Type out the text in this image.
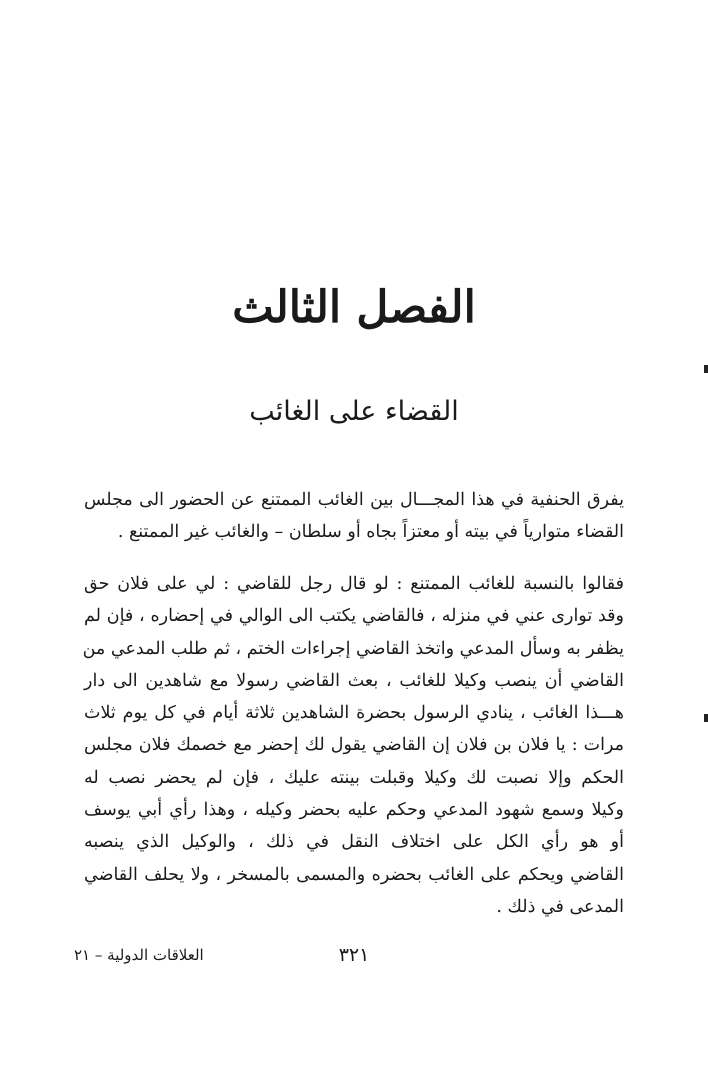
الفصل الثالث
القضاء على الغائب
يفرق الحنفية في هذا المجـــال بين الغائب الممتنع عن الحضور الى مجلس
القضاء متوارياً في بيته أو معتزاً بجاه أو سلطان – والغائب غير الممتنع .
فقالوا بالنسبة للغائب الممتنع : لو قال رجل للقاضي : لي على فلان حق
وقد توارى عني في منزله ، فالقاضي يكتب الى الوالي في إحضاره ، فإن لم
يظفر به وسأل المدعي واتخذ القاضي إجراءات الختم ، ثم طلب المدعي من
القاضي أن ينصب وكيلا للغائب ، بعث القاضي رسولا مع شاهدين الى دار
هـــذا الغائب ، ينادي الرسول بحضرة الشاهدين ثلاثة أيام في كل يوم ثلاث
مرات : يا فلان بن فلان إن القاضي يقول لك إحضر مع خصمك فلان مجلس
الحكم وإلا نصبت لك وكيلا وقبلت بينته عليك ، فإن لم يحضر نصب له
وكيلا وسمع شهود المدعي وحكم عليه بحضر وكيله ، وهذا رأي أبي يوسف
أو هو رأي الكل على اختلاف النقل في ذلك ، والوكيل الذي ينصبه
القاضي ويحكم على الغائب بحضره والمسمى بالمسخر ، ولا يحلف القاضي
المدعى في ذلك .
٣٢١
العلاقات الدولية – ٢١
